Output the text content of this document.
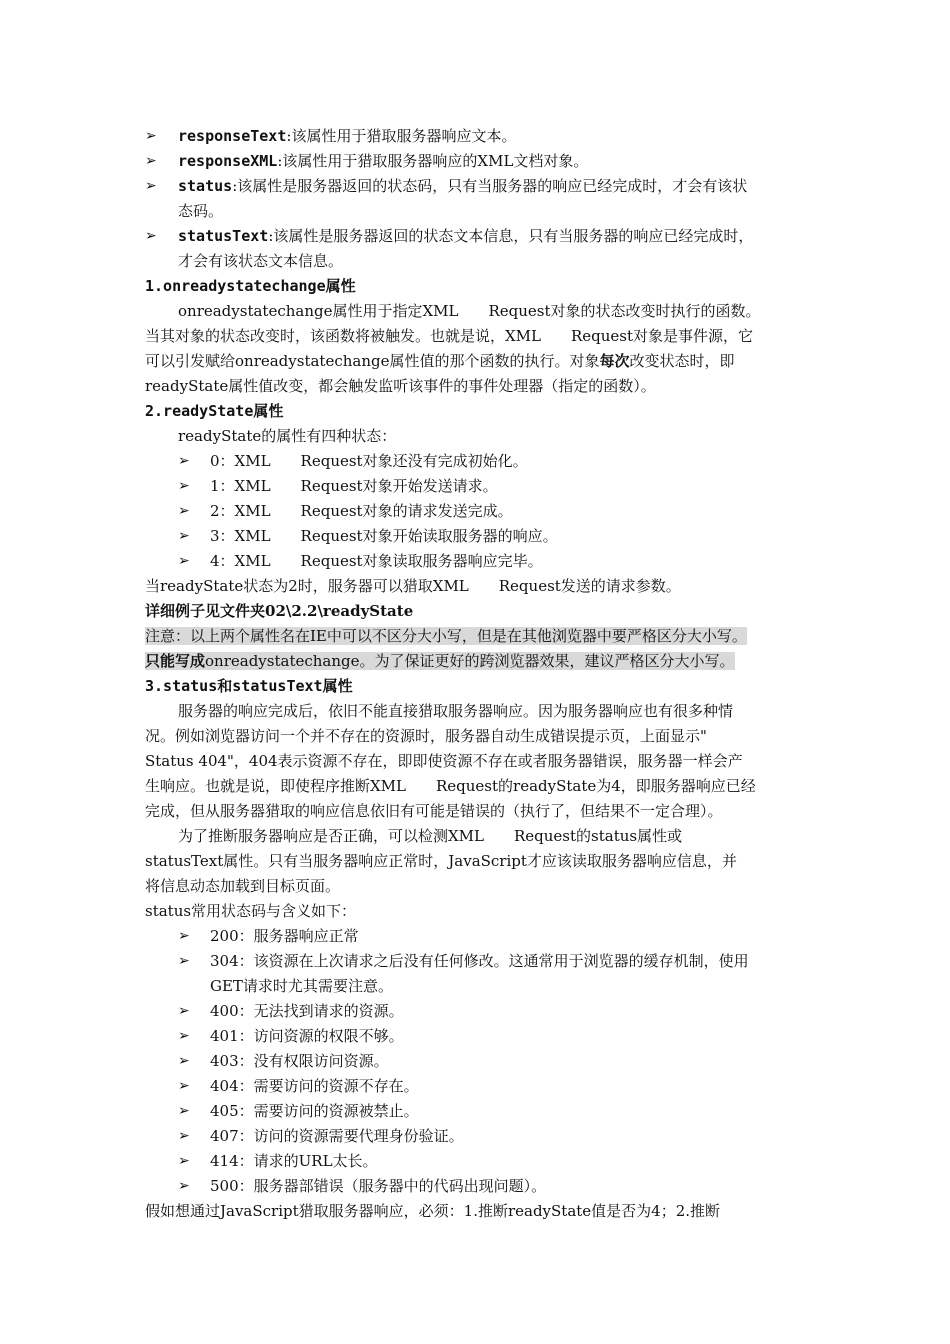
➢ responseText:该属性用于猎取服务器响应文本。
➢ responseXML:该属性用于猎取服务器响应的XML文档对象。
➢ status:该属性是服务器返回的状态码，只有当服务器的响应已经完成时，才会有该状
态码。
➢ statusText:该属性是服务器返回的状态文本信息，只有当服务器的响应已经完成时，
才会有该状态文本信息。
1.onreadystatechange属性
onreadystatechange属性用于指定XML　　Request对象的状态改变时执行的函数。
当其对象的状态改变时，该函数将被触发。也就是说，XML　　Request对象是事件源，它
可以引发赋给onreadystatechange属性值的那个函数的执行。对象每次改变状态时，即
readyState属性值改变，都会触发监听该事件的事件处理器（指定的函数）。
2.readyState属性
readyState的属性有四种状态：
➢ 0：XML　　Request对象还没有完成初始化。
➢ 1：XML　　Request对象开始发送请求。
➢ 2：XML　　Request对象的请求发送完成。
➢ 3：XML　　Request对象开始读取服务器的响应。
➢ 4：XML　　Request对象读取服务器响应完毕。
当readyState状态为2时，服务器可以猎取XML　　Request发送的请求参数。
详细例子见文件夹02\2.2\readyState
注意：以上两个属性名在IE中可以不区分大小写，但是在其他浏览器中要严格区分大小写。
只能写成onreadystatechange。为了保证更好的跨浏览器效果，建议严格区分大小写。
3.status和statusText属性
服务器的响应完成后，依旧不能直接猎取服务器响应。因为服务器响应也有很多种情
况。例如浏览器访问一个并不存在的资源时，服务器自动生成错误提示页，上面显示"
Status 404"，404表示资源不存在，即即使资源不存在或者服务器错误，服务器一样会产
生响应。也就是说，即使程序推断XML　　Request的readyState为4，即服务器响应已经
完成，但从服务器猎取的响应信息依旧有可能是错误的（执行了，但结果不一定合理）。
为了推断服务器响应是否正确，可以检测XML　　Request的status属性或
statusText属性。只有当服务器响应正常时，JavaScript才应该读取服务器响应信息，并
将信息动态加载到目标页面。
status常用状态码与含义如下：
➢ 200：服务器响应正常
➢ 304：该资源在上次请求之后没有任何修改。这通常用于浏览器的缓存机制，使用
GET请求时尤其需要注意。
➢ 400：无法找到请求的资源。
➢ 401：访问资源的权限不够。
➢ 403：没有权限访问资源。
➢ 404：需要访问的资源不存在。
➢ 405：需要访问的资源被禁止。
➢ 407：访问的资源需要代理身份验证。
➢ 414：请求的URL太长。
➢ 500：服务器部错误（服务器中的代码出现问题）。
假如想通过JavaScript猎取服务器响应，必须：1.推断readyState值是否为4；2.推断
